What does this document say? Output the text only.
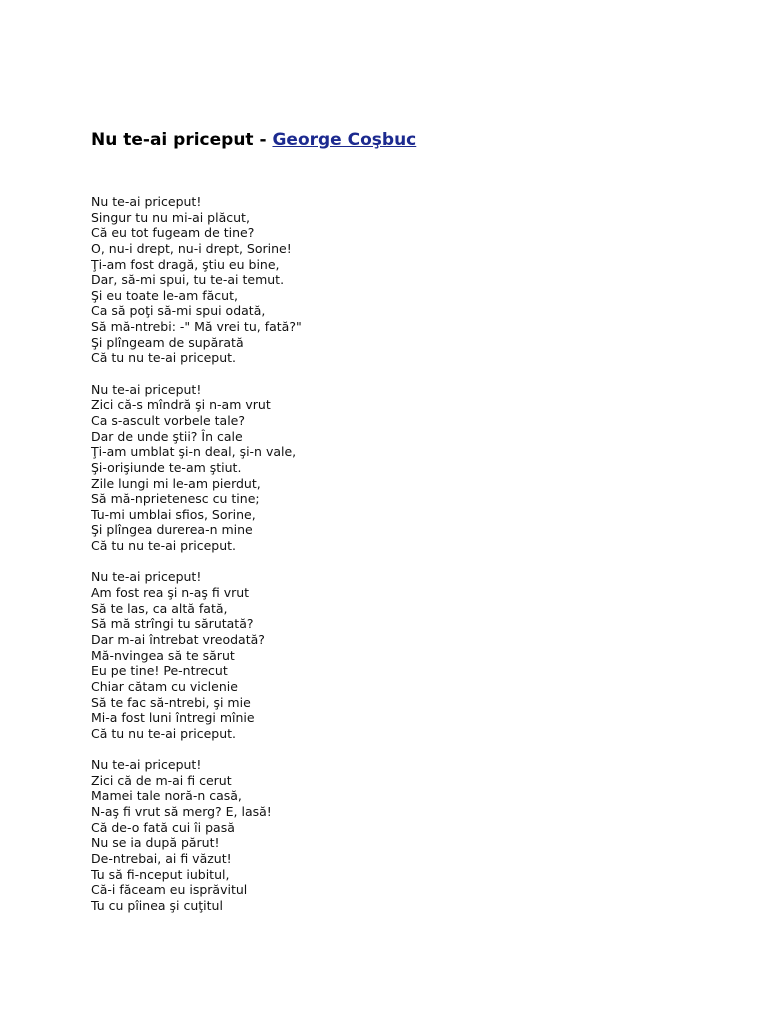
Nu te-ai priceput - George Coşbuc
Nu te-ai priceput!
Singur tu nu mi-ai plăcut,
Că eu tot fugeam de tine?
O, nu-i drept, nu-i drept, Sorine!
Ţi-am fost dragă, ştiu eu bine,
Dar, să-mi spui, tu te-ai temut.
Şi eu toate le-am făcut,
Ca să poţi să-mi spui odată,
Să mă-ntrebi: -" Mă vrei tu, fată?"
Şi plîngeam de supărată
Că tu nu te-ai priceput.
Nu te-ai priceput!
Zici că-s mîndră şi n-am vrut
Ca s-ascult vorbele tale?
Dar de unde ştii? În cale
Ţi-am umblat şi-n deal, şi-n vale,
Şi-orişiunde te-am ştiut.
Zile lungi mi le-am pierdut,
Să mă-nprietenesc cu tine;
Tu-mi umblai sfios, Sorine,
Şi plîngea durerea-n mine
Că tu nu te-ai priceput.
Nu te-ai priceput!
Am fost rea şi n-aş fi vrut
Să te las, ca altă fată,
Să mă strîngi tu sărutată?
Dar m-ai întrebat vreodată?
Mă-nvingea să te sărut
Eu pe tine! Pe-ntrecut
Chiar cătam cu viclenie
Să te fac să-ntrebi, şi mie
Mi-a fost luni întregi mînie
Că tu nu te-ai priceput.
Nu te-ai priceput!
Zici că de m-ai fi cerut
Mamei tale noră-n casă,
N-aş fi vrut să merg? E, lasă!
Că de-o fată cui îi pasă
Nu se ia după părut!
De-ntrebai, ai fi văzut!
Tu să fi-nceput iubitul,
Că-i făceam eu isprăvitul
Tu cu pîinea şi cuţitul
